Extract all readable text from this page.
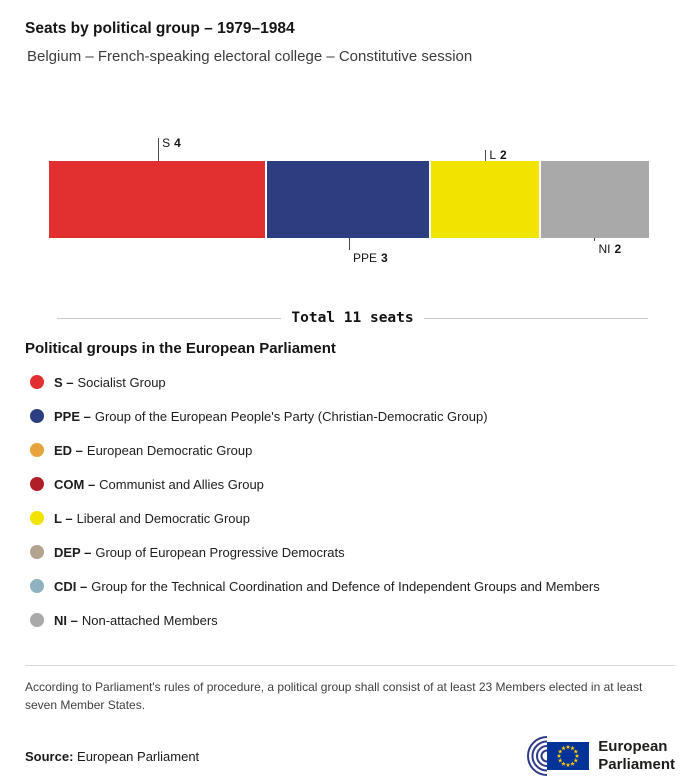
Seats by political group – 1979–1984
Belgium – French-speaking electoral college – Constitutive session
S 4
PPE 3
L 2
NI 2
Total 11 seats
Political groups in the European Parliament
S – Socialist Group
PPE – Group of the European People's Party (Christian-Democratic Group)
ED – European Democratic Group
COM – Communist and Allies Group
L – Liberal and Democratic Group
DEP – Group of European Progressive Democrats
CDI – Group for the Technical Coordination and Defence of Independent Groups and Members
NI – Non-attached Members

According to Parliament's rules of procedure, a political group shall consist of at least 23 Members elected in at least seven Member States.

Source: European Parliament
European
Parliament
